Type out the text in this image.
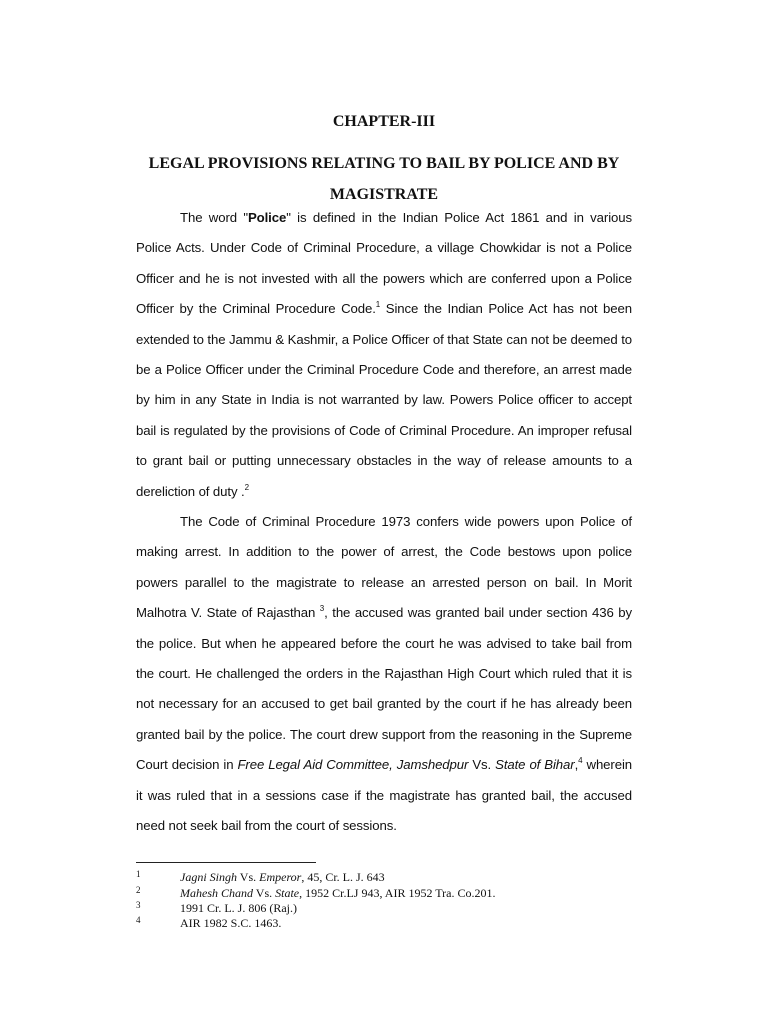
CHAPTER-III
LEGAL PROVISIONS RELATING TO BAIL BY POLICE AND BY MAGISTRATE

The word "Police" is defined in the Indian Police Act 1861 and in various Police Acts. Under Code of Criminal Procedure, a village Chowkidar is not a Police Officer and he is not invested with all the powers which are conferred upon a Police Officer by the Criminal Procedure Code.$^1$ Since the Indian Police Act has not been extended to the Jammu & Kashmir, a Police Officer of that State can not be deemed to be a Police Officer under the Criminal Procedure Code and therefore, an arrest made by him in any State in India is not warranted by law. Powers Police officer to accept bail is regulated by the provisions of Code of Criminal Procedure. An improper refusal to grant bail or putting unnecessary obstacles in the way of release amounts to a dereliction of duty .$^2$

The Code of Criminal Procedure 1973 confers wide powers upon Police of making arrest. In addition to the power of arrest, the Code bestows upon police powers parallel to the magistrate to release an arrested person on bail. In Morit Malhotra V. State of Rajasthan $^3$, the accused was granted bail under section 436 by the police. But when he appeared before the court he was advised to take bail from the court. He challenged the orders in the Rajasthan High Court which ruled that it is not necessary for an accused to get bail granted by the court if he has already been granted bail by the police. The court drew support from the reasoning in the Supreme Court decision in Free Legal Aid Committee, Jamshedpur Vs. State of Bihar,$^4$ wherein it was ruled that in a sessions case if the magistrate has granted bail, the accused need not seek bail from the court of sessions.

1	Jagni Singh Vs. Emperor, 45, Cr. L. J. 643
2	Mahesh Chand Vs. State, 1952 Cr.LJ 943, AIR 1952 Tra. Co.201.
3	1991 Cr. L. J. 806 (Raj.)
4	AIR 1982 S.C. 1463.
